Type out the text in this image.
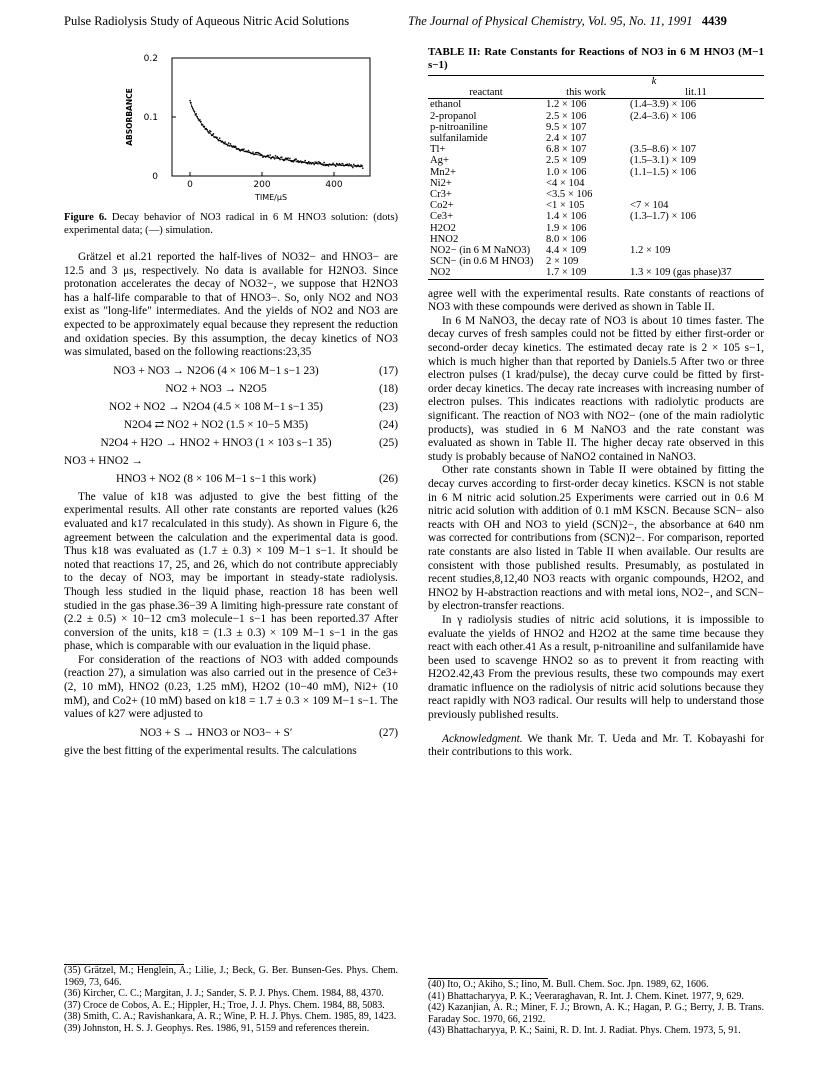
Pulse Radiolysis Study of Aqueous Nitric Acid Solutions	The Journal of Physical Chemistry, Vol. 95, No. 11, 1991 4439
0.2
0.1
0
0	200	400
TIME/μS
ABSORBANCE
Figure 6. Decay behavior of NO3 radical in 6 M HNO3 solution: (dots) experimental data; (—) simulation.

Grätzel et al.21 reported the half-lives of NO32− and HNO3− are 12.5 and 3 μs, respectively. No data is available for H2NO3. Since protonation accelerates the decay of NO32−, we suppose that H2NO3 has a half-life comparable to that of HNO3−. So, only NO2 and NO3 exist as "long-life" intermediates. And the yields of NO2 and NO3 are expected to be approximately equal because they represent the reduction and oxidation species. By this assumption, the decay kinetics of NO3 was simulated, based on the following reactions:23,35

NO3 + NO3 → N2O6 (4 × 106 M−1 s−1 23)	(17)
NO2 + NO3 → N2O5	(18)
NO2 + NO2 → N2O4 (4.5 × 108 M−1 s−1 35)	(23)
N2O4 ⇄ NO2 + NO2 (1.5 × 10−5 M35)	(24)
N2O4 + H2O → HNO2 + HNO3 (1 × 103 s−1 35)	(25)
NO3 + HNO2 →
HNO3 + NO2 (8 × 106 M−1 s−1 this work)	(26)

The value of k18 was adjusted to give the best fitting of the experimental results. All other rate constants are reported values (k26 evaluated and k17 recalculated in this study). As shown in Figure 6, the agreement between the calculation and the experimental data is good. Thus k18 was evaluated as (1.7 ± 0.3) × 109 M−1 s−1. It should be noted that reactions 17, 25, and 26, which do not contribute appreciably to the decay of NO3, may be important in steady-state radiolysis. Though less studied in the liquid phase, reaction 18 has been well studied in the gas phase.36−39 A limiting high-pressure rate constant of (2.2 ± 0.5) × 10−12 cm3 molecule−1 s−1 has been reported.37 After conversion of the units, k18 = (1.3 ± 0.3) × 109 M−1 s−1 in the gas phase, which is comparable with our evaluation in the liquid phase.

For consideration of the reactions of NO3 with added compounds (reaction 27), a simulation was also carried out in the presence of Ce3+ (2, 10 mM), HNO2 (0.23, 1.25 mM), H2O2 (10−40 mM), Ni2+ (10 mM), and Co2+ (10 mM) based on k18 = 1.7 ± 0.3 × 109 M−1 s−1. The values of k27 were adjusted to

NO3 + S → HNO3 or NO3− + S′	(27)

give the best fitting of the experimental results. The calculations

(35) Grätzel, M.; Henglein, A.; Lilie, J.; Beck, G. Ber. Bunsen-Ges. Phys. Chem. 1969, 73, 646.
(36) Kircher, C. C.; Margitan, J. J.; Sander, S. P. J. Phys. Chem. 1984, 88, 4370.
(37) Croce de Cobos, A. E.; Hippler, H.; Troe, J. J. Phys. Chem. 1984, 88, 5083.
(38) Smith, C. A.; Ravishankara, A. R.; Wine, P. H. J. Phys. Chem. 1985, 89, 1423.
(39) Johnston, H. S. J. Geophys. Res. 1986, 91, 5159 and references therein.
TABLE II: Rate Constants for Reactions of NO3 in 6 M HNO3 (M−1 s−1)
	k	
reactant	this work	lit.11
ethanol	1.2 × 106	(1.4–3.9) × 106
2-propanol	2.5 × 106	(2.4–3.6) × 106
p-nitroaniline	9.5 × 107	
sulfanilamide	2.4 × 107	
Tl+	6.8 × 107	(3.5–8.6) × 107
Ag+	2.5 × 109	(1.5–3.1) × 109
Mn2+	1.0 × 106	(1.1–1.5) × 106
Ni2+	<4 × 104	
Cr3+	<3.5 × 106	
Co2+	<1 × 105	<7 × 104
Ce3+	1.4 × 106	(1.3–1.7) × 106
H2O2	1.9 × 106	
HNO2	8.0 × 106	
NO2− (in 6 M NaNO3)	4.4 × 109	1.2 × 109
SCN− (in 0.6 M HNO3)	2 × 109	
NO2	1.7 × 109	1.3 × 109 (gas phase)37

agree well with the experimental results. Rate constants of reactions of NO3 with these compounds were derived as shown in Table II.

In 6 M NaNO3, the decay rate of NO3 is about 10 times faster. The decay curves of fresh samples could not be fitted by either first-order or second-order decay kinetics. The estimated decay rate is 2 × 105 s−1, which is much higher than that reported by Daniels.5 After two or three electron pulses (1 krad/pulse), the decay curve could be fitted by first-order decay kinetics. The decay rate increases with increasing number of electron pulses. This indicates reactions with radiolytic products are significant. The reaction of NO3 with NO2− (one of the main radiolytic products), was studied in 6 M NaNO3 and the rate constant was evaluated as shown in Table II. The higher decay rate observed in this study is probably because of NaNO2 contained in NaNO3.

Other rate constants shown in Table II were obtained by fitting the decay curves according to first-order decay kinetics. KSCN is not stable in 6 M nitric acid solution.25 Experiments were carried out in 0.6 M nitric acid solution with addition of 0.1 mM KSCN. Because SCN− also reacts with OH and NO3 to yield (SCN)2−, the absorbance at 640 nm was corrected for contributions from (SCN)2−. For comparison, reported rate constants are also listed in Table II when available. Our results are consistent with those published results. Presumably, as postulated in recent studies,8,12,40 NO3 reacts with organic compounds, H2O2, and HNO2 by H-abstraction reactions and with metal ions, NO2−, and SCN− by electron-transfer reactions.

In γ radiolysis studies of nitric acid solutions, it is impossible to evaluate the yields of HNO2 and H2O2 at the same time because they react with each other.41 As a result, p-nitroaniline and sulfanilamide have been used to scavenge HNO2 so as to prevent it from reacting with H2O2.42,43 From the previous results, these two compounds may exert dramatic influence on the radiolysis of nitric acid solutions because they react rapidly with NO3 radical. Our results will help to understand those previously published results.

Acknowledgment. We thank Mr. T. Ueda and Mr. T. Kobayashi for their contributions to this work.

(40) Ito, O.; Akiho, S.; Iino, M. Bull. Chem. Soc. Jpn. 1989, 62, 1606.
(41) Bhattacharyya, P. K.; Veeraraghavan, R. Int. J. Chem. Kinet. 1977, 9, 629.
(42) Kazanjian, A. R.; Miner, F. J.; Brown, A. K.; Hagan, P. G.; Berry, J. B. Trans. Faraday Soc. 1970, 66, 2192.
(43) Bhattacharyya, P. K.; Saini, R. D. Int. J. Radiat. Phys. Chem. 1973, 5, 91.
